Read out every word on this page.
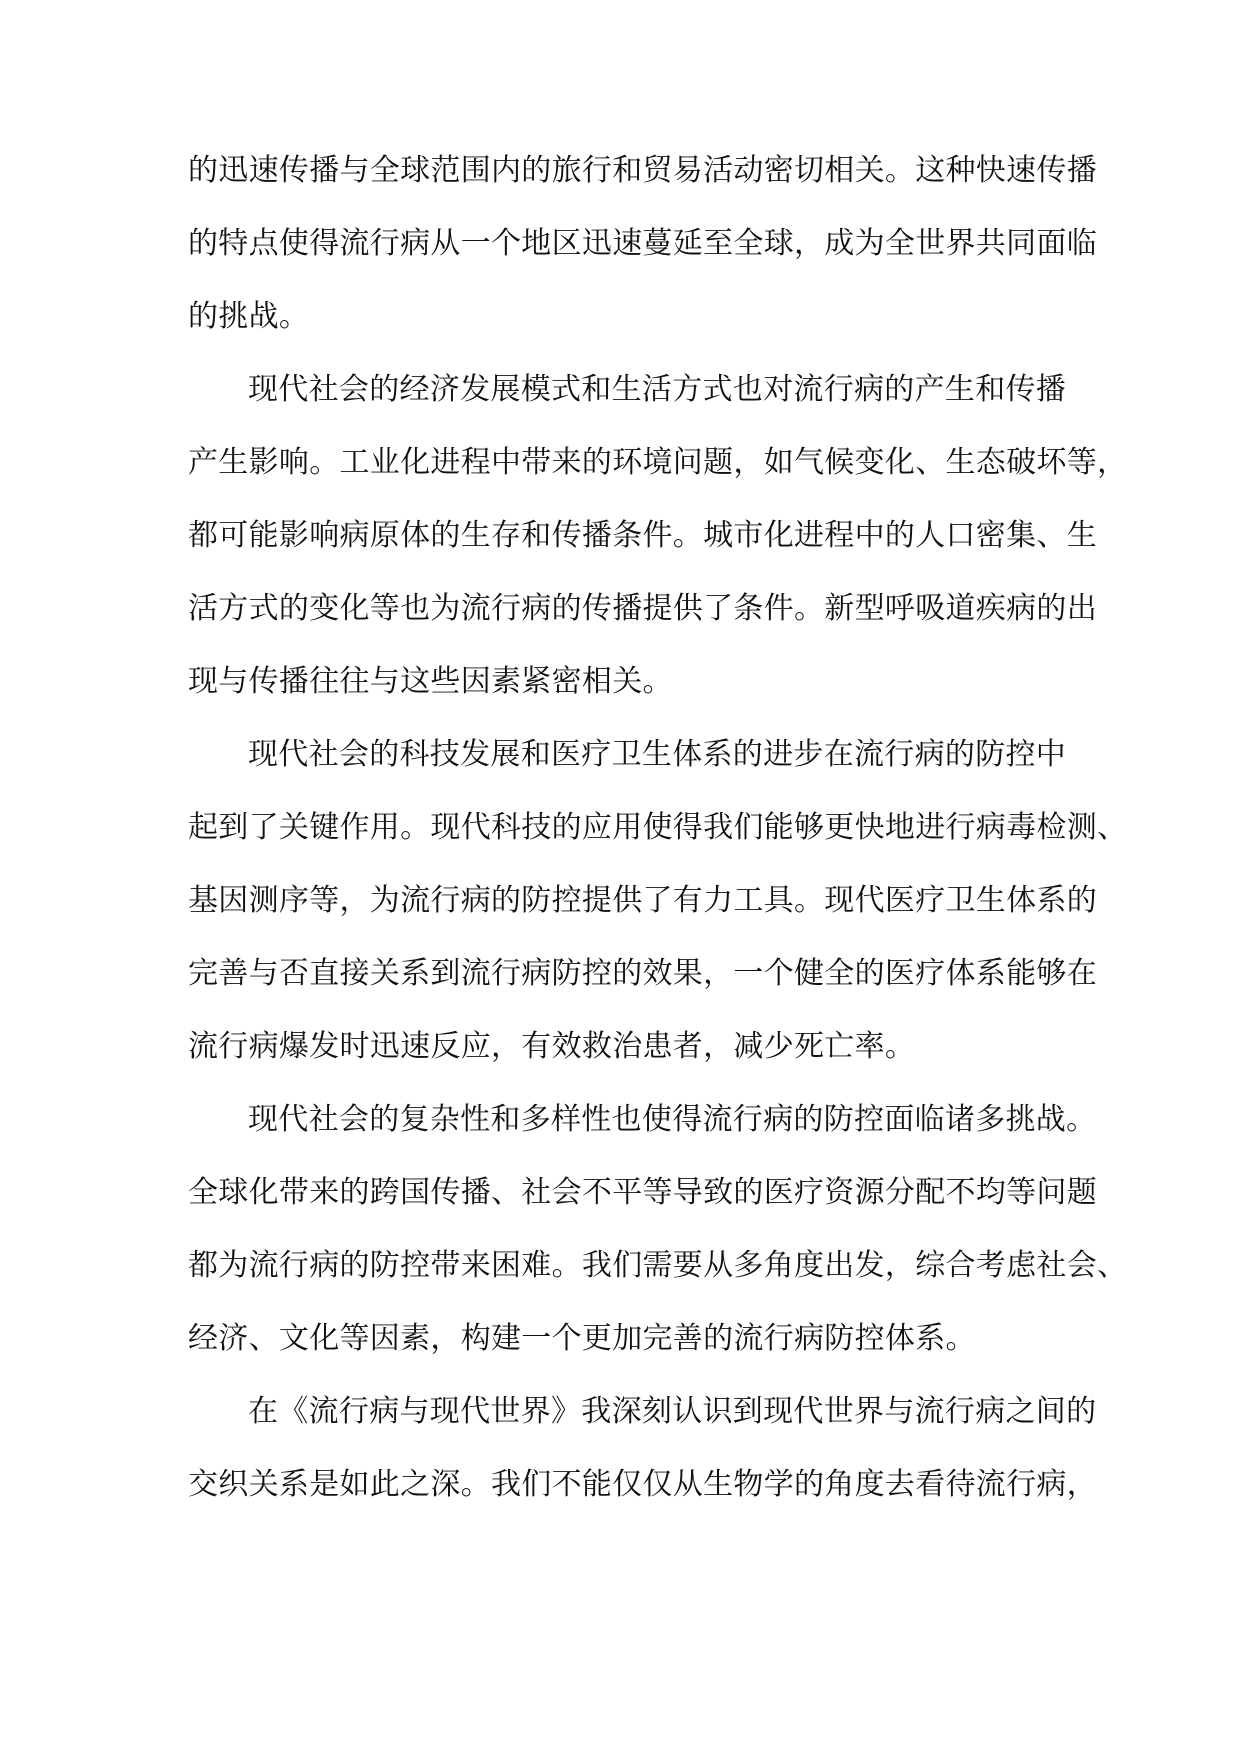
的迅速传播与全球范围内的旅行和贸易活动密切相关。这种快速传播
的特点使得流行病从一个地区迅速蔓延至全球，成为全世界共同面临
的挑战。
现代社会的经济发展模式和生活方式也对流行病的产生和传播
产生影响。工业化进程中带来的环境问题，如气候变化、生态破坏等，
都可能影响病原体的生存和传播条件。城市化进程中的人口密集、生
活方式的变化等也为流行病的传播提供了条件。新型呼吸道疾病的出
现与传播往往与这些因素紧密相关。
现代社会的科技发展和医疗卫生体系的进步在流行病的防控中
起到了关键作用。现代科技的应用使得我们能够更快地进行病毒检测、
基因测序等，为流行病的防控提供了有力工具。现代医疗卫生体系的
完善与否直接关系到流行病防控的效果，一个健全的医疗体系能够在
流行病爆发时迅速反应，有效救治患者，减少死亡率。
现代社会的复杂性和多样性也使得流行病的防控面临诸多挑战。
全球化带来的跨国传播、社会不平等导致的医疗资源分配不均等问题
都为流行病的防控带来困难。我们需要从多角度出发，综合考虑社会、
经济、文化等因素，构建一个更加完善的流行病防控体系。
在《流行病与现代世界》我深刻认识到现代世界与流行病之间的
交织关系是如此之深。我们不能仅仅从生物学的角度去看待流行病，
